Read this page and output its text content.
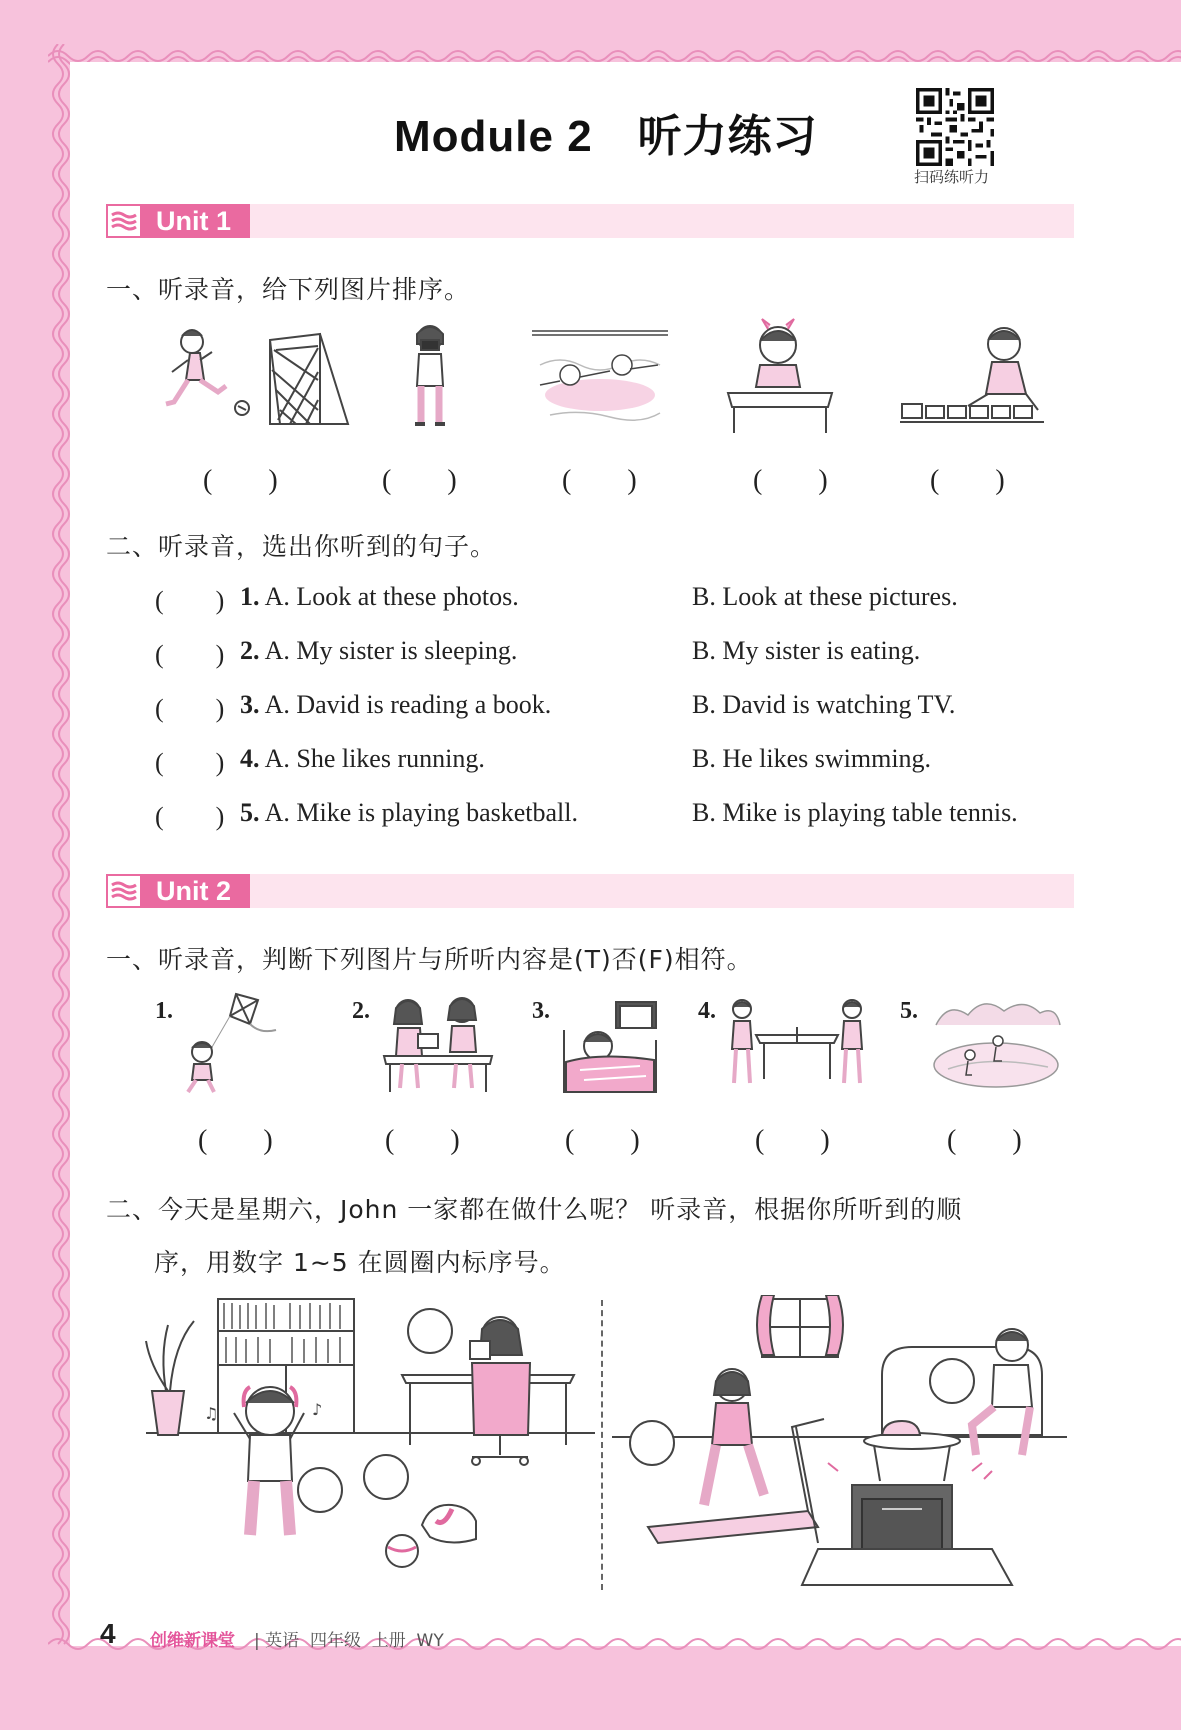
Module 2　听力练习
扫码练听力
Unit 1
一、听录音，给下列图片排序。
(　　)	(　　)	(　　)	(　　)	(　　)
二、听录音，选出你听到的句子。
(　　) 1. A. Look at these photos.	B. Look at these pictures.
(　　) 2. A. My sister is sleeping.	B. My sister is eating.
(　　) 3. A. David is reading a book.	B. David is watching TV.
(　　) 4. A. She likes running.	B. He likes swimming.
(　　) 5. A. Mike is playing basketball.	B. Mike is playing table tennis.
Unit 2
一、听录音，判断下列图片与所听内容是(T)否(F)相符。
1.	2.	3.	4.	5.
(　　)	(　　)	(　　)	(　　)	(　　)
二、今天是星期六，John 一家都在做什么呢？ 听录音，根据你所听到的顺
序，用数字 1~5 在圆圈内标序号。
♫	♪
4 创维新课堂 | 英语  四年级  上册  WY
